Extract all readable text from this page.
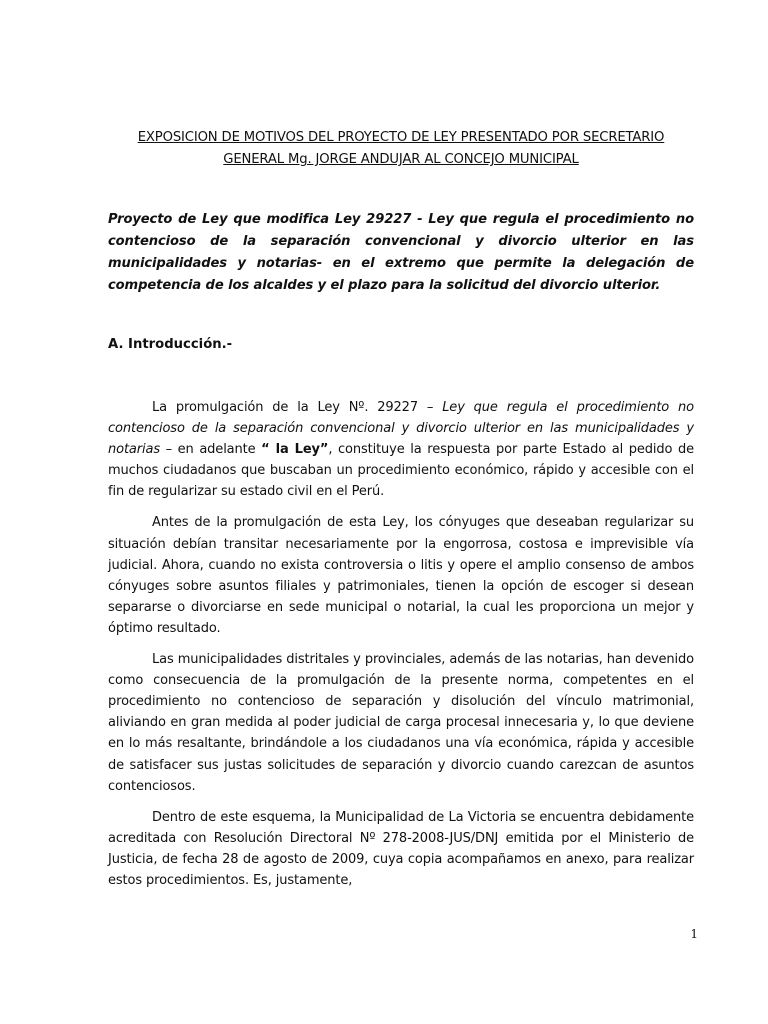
EXPOSICION DE MOTIVOS DEL PROYECTO DE LEY PRESENTADO POR SECRETARIO GENERAL Mg. JORGE ANDUJAR AL CONCEJO MUNICIPAL
Proyecto de Ley que modifica Ley 29227 - Ley que regula el procedimiento no contencioso de la separación convencional y divorcio ulterior en las municipalidades y notarias- en el extremo que permite la delegación de competencia de los alcaldes y el plazo para la solicitud del divorcio ulterior.
A. Introducción.-

La promulgación de la Ley Nº. 29227 – Ley que regula el procedimiento no contencioso de la separación convencional y divorcio ulterior en las municipalidades y notarias – en adelante “ la Ley”, constituye la respuesta por parte Estado al pedido de muchos ciudadanos que buscaban un procedimiento económico, rápido y accesible con el fin de regularizar su estado civil en el Perú.

Antes de la promulgación de esta Ley, los cónyuges que deseaban regularizar su situación debían transitar necesariamente por la engorrosa, costosa e imprevisible vía judicial. Ahora, cuando no exista controversia o litis y opere el amplio consenso de ambos cónyuges sobre asuntos filiales y patrimoniales, tienen la opción de escoger si desean separarse o divorciarse en sede municipal o notarial, la cual les proporciona un mejor y óptimo resultado.

Las municipalidades distritales y provinciales, además de las notarias, han devenido como consecuencia de la promulgación de la presente norma, competentes en el procedimiento no contencioso de separación y disolución del vínculo matrimonial, aliviando en gran medida al poder judicial de carga procesal innecesaria y, lo que deviene en lo más resaltante, brindándole a los ciudadanos una vía económica, rápida y accesible de satisfacer sus justas solicitudes de separación y divorcio cuando carezcan de asuntos contenciosos.

Dentro de este esquema, la Municipalidad de La Victoria se encuentra debidamente acreditada con Resolución Directoral Nº 278-2008-JUS/DNJ emitida por el Ministerio de Justicia, de fecha 28 de agosto de 2009, cuya copia acompañamos en anexo, para realizar estos procedimientos. Es, justamente,

1
